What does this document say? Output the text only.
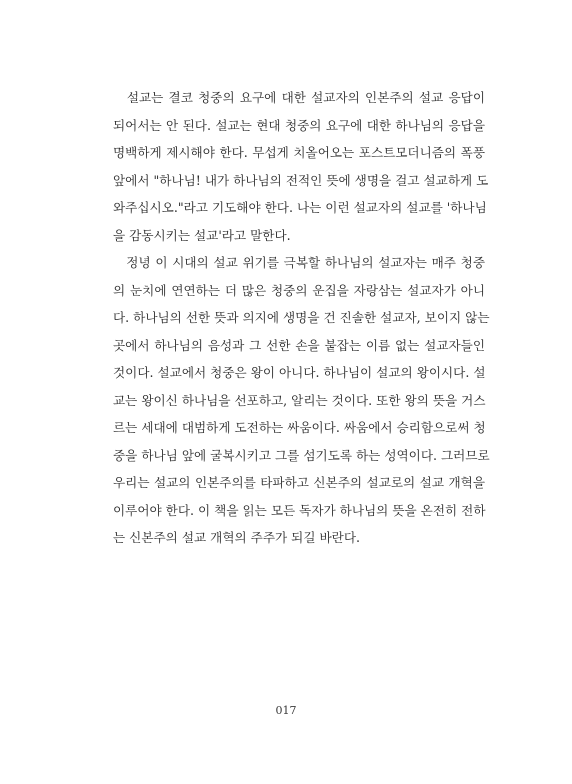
　설교는 결코 청중의 요구에 대한 설교자의 인본주의 설교 응답이
되어서는 안 된다. 설교는 현대 청중의 요구에 대한 하나님의 응답을
명백하게 제시해야 한다. 무섭게 치올어오는 포스트모더니즘의 폭풍
앞에서 "하나님! 내가 하나님의 전적인 뜻에 생명을 걸고 설교하게 도
와주십시오."라고 기도해야 한다. 나는 이런 설교자의 설교를 '하나님
을 감동시키는 설교'라고 말한다.
　정녕 이 시대의 설교 위기를 극복할 하나님의 설교자는 매주 청중
의 눈치에 연연하는 더 많은 청중의 운집을 자랑삼는 설교자가 아니
다. 하나님의 선한 뜻과 의지에 생명을 건 진솔한 설교자, 보이지 않는
곳에서 하나님의 음성과 그 선한 손을 붙잡는 이름 없는 설교자들인
것이다. 설교에서 청중은 왕이 아니다. 하나님이 설교의 왕이시다. 설
교는 왕이신 하나님을 선포하고, 알리는 것이다. 또한 왕의 뜻을 거스
르는 세대에 대범하게 도전하는 싸움이다. 싸움에서 승리함으로써 청
중을 하나님 앞에 굴복시키고 그를 섬기도록 하는 성역이다. 그러므로
우리는 설교의 인본주의를 타파하고 신본주의 설교로의 설교 개혁을
이루어야 한다. 이 책을 읽는 모든 독자가 하나님의 뜻을 온전히 전하
는 신본주의 설교 개혁의 주주가 되길 바란다.
017
